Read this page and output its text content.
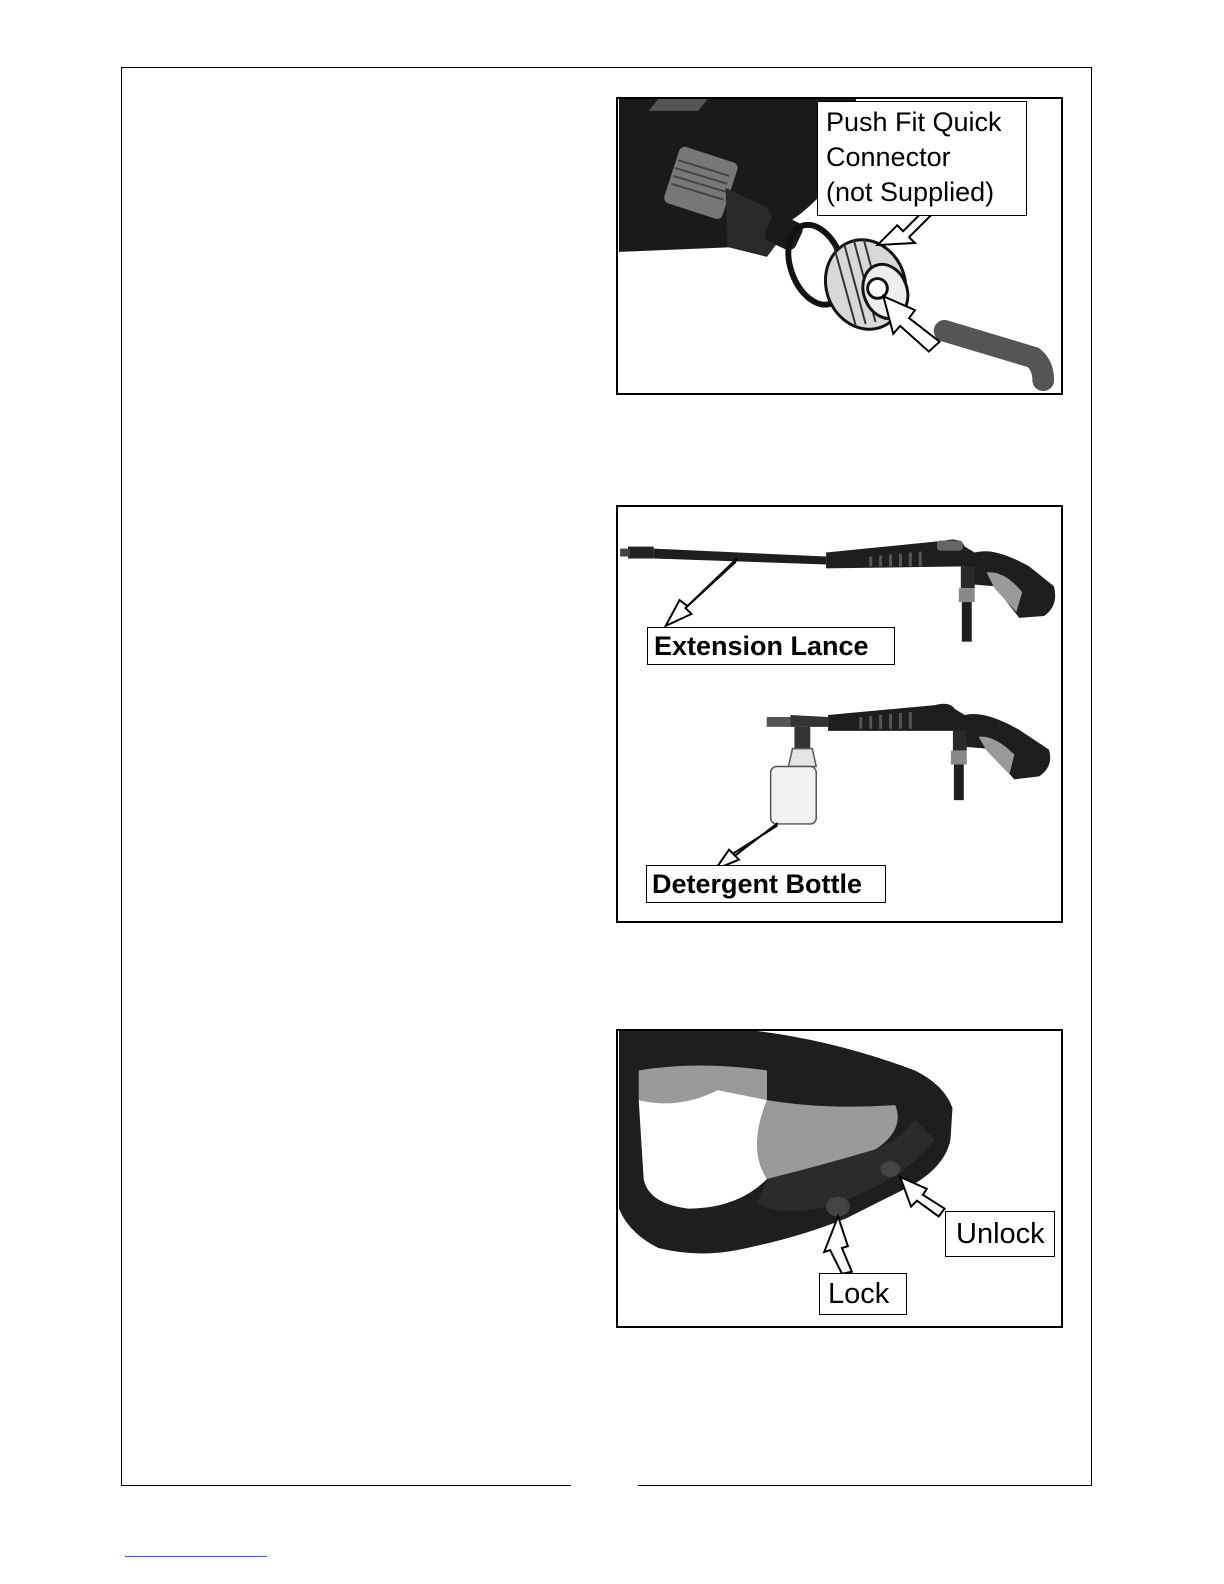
Push Fit Quick
Connector
(not Supplied)
Extension Lance
Detergent Bottle
Unlock
Lock
